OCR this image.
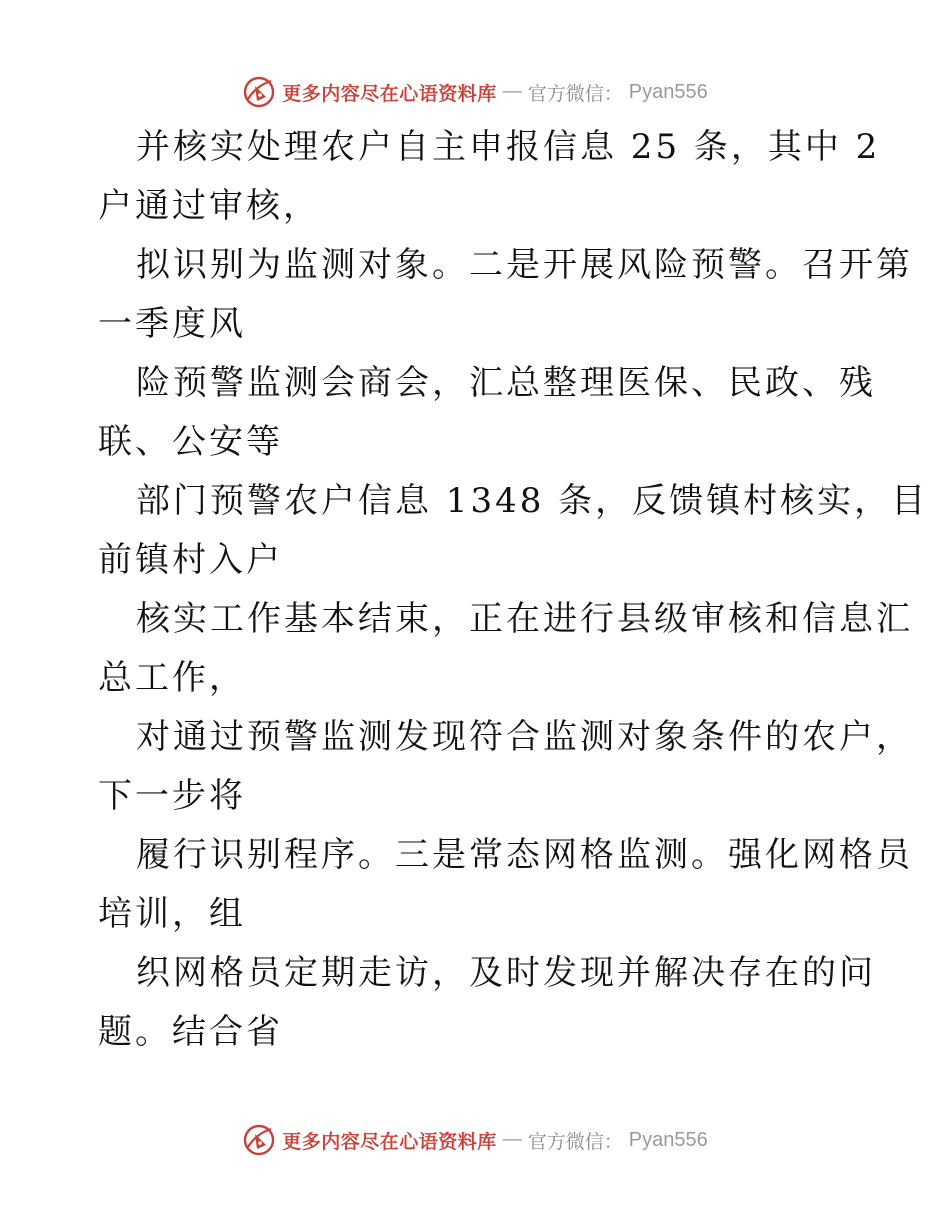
更多内容尽在心语资料库 — 官方微信： Pyan556
并核实处理农户自主申报信息 25 条，其中 2
户通过审核，
拟识别为监测对象。二是开展风险预警。召开第
一季度风
险预警监测会商会，汇总整理医保、民政、残
联、公安等
部门预警农户信息 1348 条，反馈镇村核实，目
前镇村入户
核实工作基本结束，正在进行县级审核和信息汇
总工作，
对通过预警监测发现符合监测对象条件的农户，
下一步将
履行识别程序。三是常态网格监测。强化网格员
培训，组
织网格员定期走访，及时发现并解决存在的问
题。结合省
更多内容尽在心语资料库 — 官方微信： Pyan556
